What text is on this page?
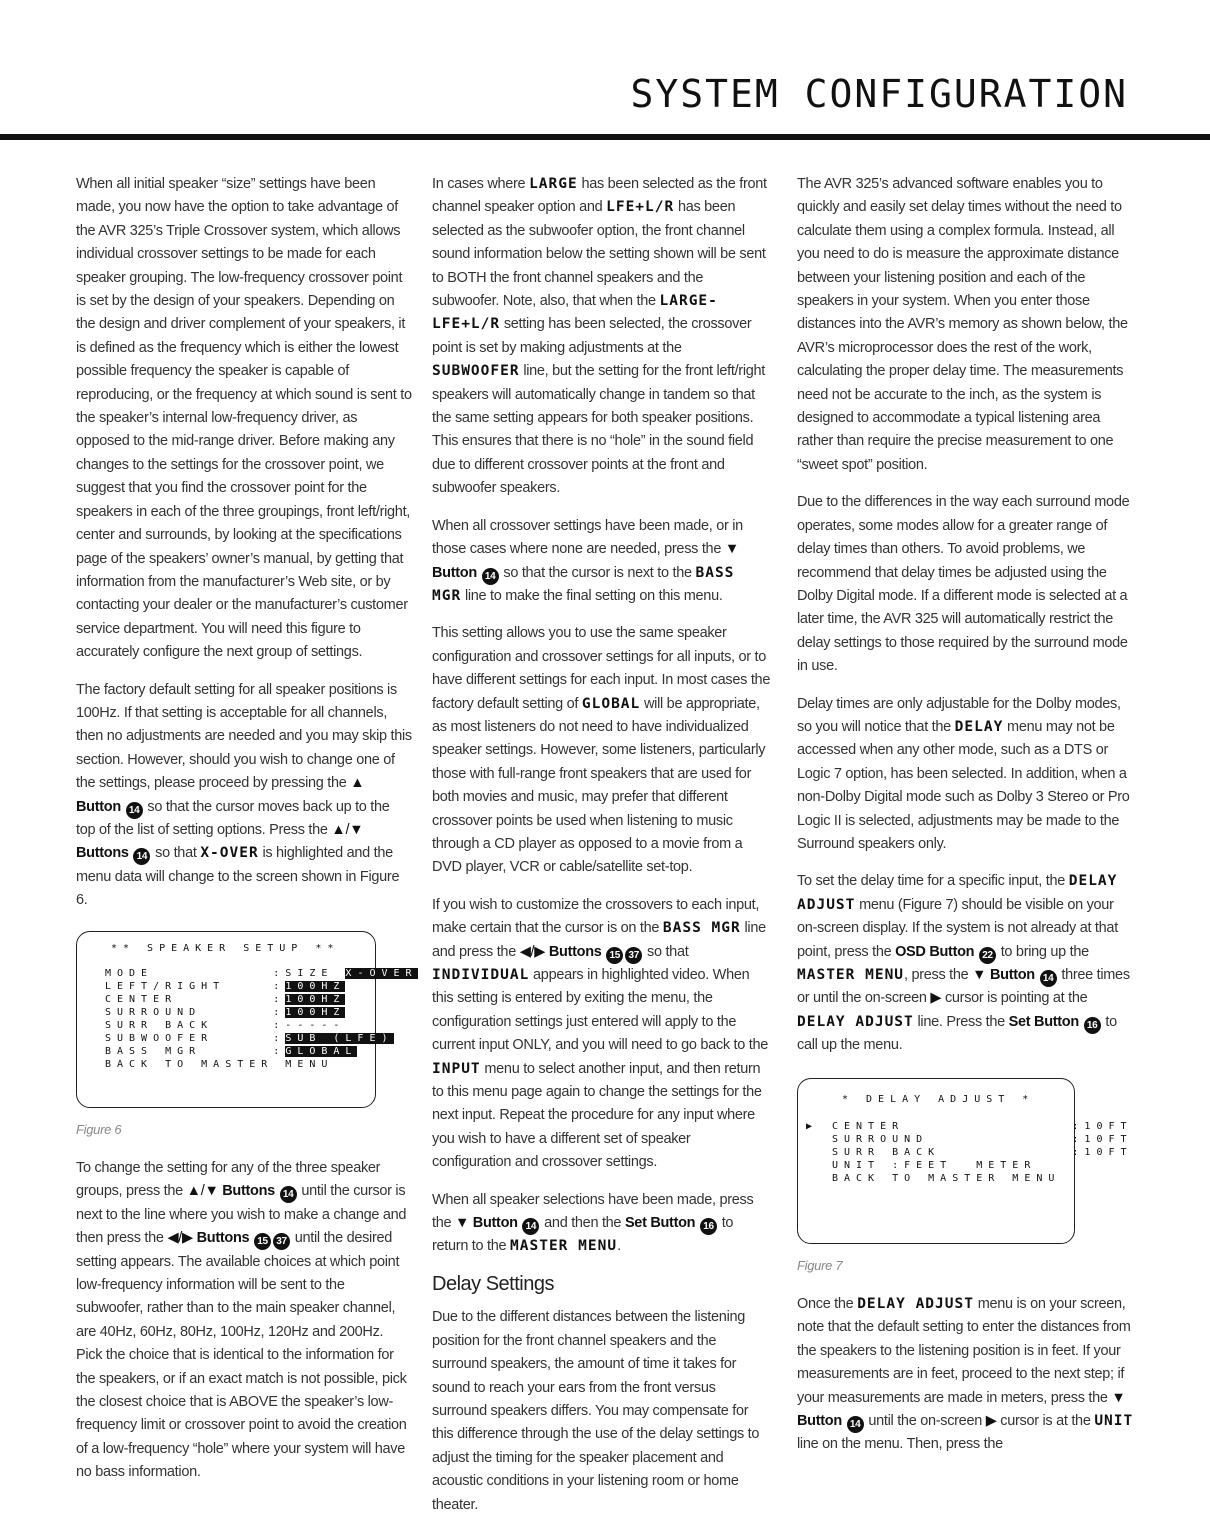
SYSTEM CONFIGURATION

When all initial speaker “size” settings have been made, you now have the option to take advantage of the AVR 325’s Triple Crossover system, which allows individual crossover settings to be made for each speaker grouping. The low-frequency crossover point is set by the design of your speakers. Depending on the design and driver complement of your speakers, it is defined as the frequency which is either the lowest possible frequency the speaker is capable of reproducing, or the frequency at which sound is sent to the speaker’s internal low-frequency driver, as opposed to the mid-range driver. Before making any changes to the settings for the crossover point, we suggest that you find the crossover point for the speakers in each of the three groupings, front left/right, center and surrounds, by looking at the specifications page of the speakers’ owner’s manual, by getting that information from the manufacturer’s Web site, or by contacting your dealer or the manufacturer’s customer service department. You will need this figure to accurately configure the next group of settings.

The factory default setting for all speaker positions is 100Hz. If that setting is acceptable for all channels, then no adjustments are needed and you may skip this section. However, should you wish to change one of the settings, please proceed by pressing the ▲ Button 14 so that the cursor moves back up to the top of the list of setting options. Press the ▲/▼ Buttons 14 so that X-OVER is highlighted and the menu data will change to the screen shown in Figure 6.

** SPEAKER SETUP **
MODE          :SIZE X-OVER
LEFT/RIGHT    :100HZ
CENTER        :100HZ
SURROUND      :100HZ
SURR BACK     :-----
SUBWOOFER     :SUB (LFE)
BASS MGR      :GLOBAL
BACK TO MASTER MENU
Figure 6

To change the setting for any of the three speaker groups, press the ▲/▼ Buttons 14 until the cursor is next to the line where you wish to make a change and then press the ◀/▶ Buttons 15 37 until the desired setting appears. The available choices at which point low-frequency information will be sent to the subwoofer, rather than to the main speaker channel, are 40Hz, 60Hz, 80Hz, 100Hz, 120Hz and 200Hz. Pick the choice that is identical to the information for the speakers, or if an exact match is not possible, pick the closest choice that is ABOVE the speaker’s low-frequency limit or crossover point to avoid the creation of a low-frequency “hole” where your system will have no bass information.

In cases where LARGE has been selected as the front channel speaker option and LFE+L/R has been selected as the subwoofer option, the front channel sound information below the setting shown will be sent to BOTH the front channel speakers and the subwoofer. Note, also, that when the LARGE-LFE+L/R setting has been selected, the crossover point is set by making adjustments at the SUBWOOFER line, but the setting for the front left/right speakers will automatically change in tandem so that the same setting appears for both speaker positions. This ensures that there is no “hole” in the sound field due to different crossover points at the front and subwoofer speakers.

When all crossover settings have been made, or in those cases where none are needed, press the ▼ Button 14 so that the cursor is next to the BASS MGR line to make the final setting on this menu.

This setting allows you to use the same speaker configuration and crossover settings for all inputs, or to have different settings for each input. In most cases the factory default setting of GLOBAL will be appropriate, as most listeners do not need to have individualized speaker settings. However, some listeners, particularly those with full-range front speakers that are used for both movies and music, may prefer that different crossover points be used when listening to music through a CD player as opposed to a movie from a DVD player, VCR or cable/satellite set-top.

If you wish to customize the crossovers to each input, make certain that the cursor is on the BASS MGR line and press the ◀/▶ Buttons 15 37 so that INDIVIDUAL appears in highlighted video. When this setting is entered by exiting the menu, the configuration settings just entered will apply to the current input ONLY, and you will need to go back to the INPUT menu to select another input, and then return to this menu page again to change the settings for the next input. Repeat the procedure for any input where you wish to have a different set of speaker configuration and crossover settings.

When all speaker selections have been made, press the ▼ Button 14 and then the Set Button 16 to return to the MASTER MENU.

Delay Settings

Due to the different distances between the listening position for the front channel speakers and the surround speakers, the amount of time it takes for sound to reach your ears from the front versus surround speakers differs. You may compensate for this difference through the use of the delay settings to adjust the timing for the speaker placement and acoustic conditions in your listening room or home theater.

The AVR 325’s advanced software enables you to quickly and easily set delay times without the need to calculate them using a complex formula. Instead, all you need to do is measure the approximate distance between your listening position and each of the speakers in your system. When you enter those distances into the AVR’s memory as shown below, the AVR’s microprocessor does the rest of the work, calculating the proper delay time. The measurements need not be accurate to the inch, as the system is designed to accommodate a typical listening area rather than require the precise measurement to one “sweet spot” position.

Due to the differences in the way each surround mode operates, some modes allow for a greater range of delay times than others. To avoid problems, we recommend that delay times be adjusted using the Dolby Digital mode. If a different mode is selected at a later time, the AVR 325 will automatically restrict the delay settings to those required by the surround mode in use.

Delay times are only adjustable for the Dolby modes, so you will notice that the DELAY menu may not be accessed when any other mode, such as a DTS or Logic 7 option, has been selected. In addition, when a non-Dolby Digital mode such as Dolby 3 Stereo or Pro Logic II is selected, adjustments may be made to the Surround speakers only.

To set the delay time for a specific input, the DELAY ADJUST menu (Figure 7) should be visible on your on-screen display. If the system is not already at that point, press the OSD Button 22 to bring up the MASTER MENU, press the ▼ Button 14 three times or until the on-screen ▶ cursor is pointing at the DELAY ADJUST line. Press the Set Button 16 to call up the menu.

* DELAY ADJUST *
▶ CENTER              :10FT
SURROUND            :10FT
SURR BACK           :10FT
UNIT :FEET  METER
BACK TO MASTER MENU
Figure 7

Once the DELAY ADJUST menu is on your screen, note that the default setting to enter the distances from the speakers to the listening position is in feet. If your measurements are in feet, proceed to the next step; if your measurements are made in meters, press the ▼ Button 14 until the on-screen ▶ cursor is at the UNIT line on the menu. Then, press the
